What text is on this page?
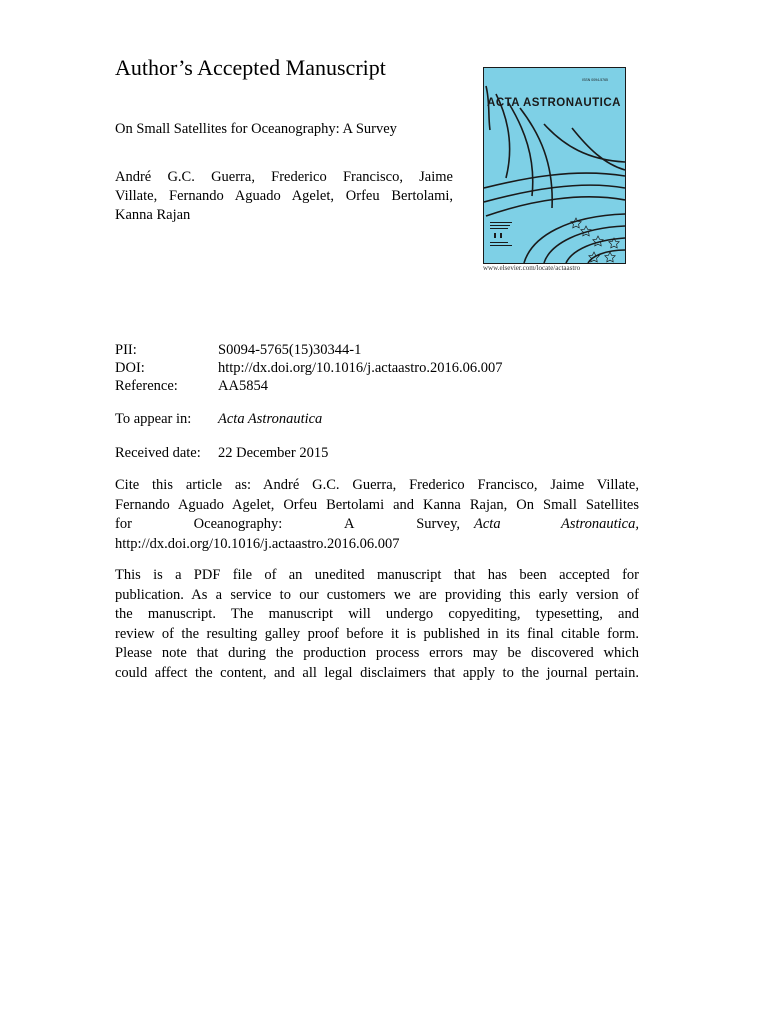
Author’s Accepted Manuscript
On Small Satellites for Oceanography: A Survey
André G.C. Guerra, Frederico Francisco, Jaime
Villate, Fernando Aguado Agelet, Orfeu Bertolami,
Kanna Rajan
ACTA ASTRONAUTICA
ISSN 0094-5765
www.elsevier.com/locate/actaastro
PII:	S0094-5765(15)30344-1
DOI:	http://dx.doi.org/10.1016/j.actaastro.2016.06.007
Reference:	AA5854
To appear in: Acta Astronautica
Received date: 22 December 2015
Cite this article as: André G.C. Guerra, Frederico Francisco, Jaime Villate,
Fernando Aguado Agelet, Orfeu Bertolami and Kanna Rajan, On Small Satellites
for	Oceanography:	A	Survey, Acta	Astronautica,
http://dx.doi.org/10.1016/j.actaastro.2016.06.007
This is a PDF file of an unedited manuscript that has been accepted for
publication. As a service to our customers we are providing this early version of
the manuscript. The manuscript will undergo copyediting, typesetting, and
review of the resulting galley proof before it is published in its final citable form.
Please note that during the production process errors may be discovered which
could affect the content, and all legal disclaimers that apply to the journal pertain.
